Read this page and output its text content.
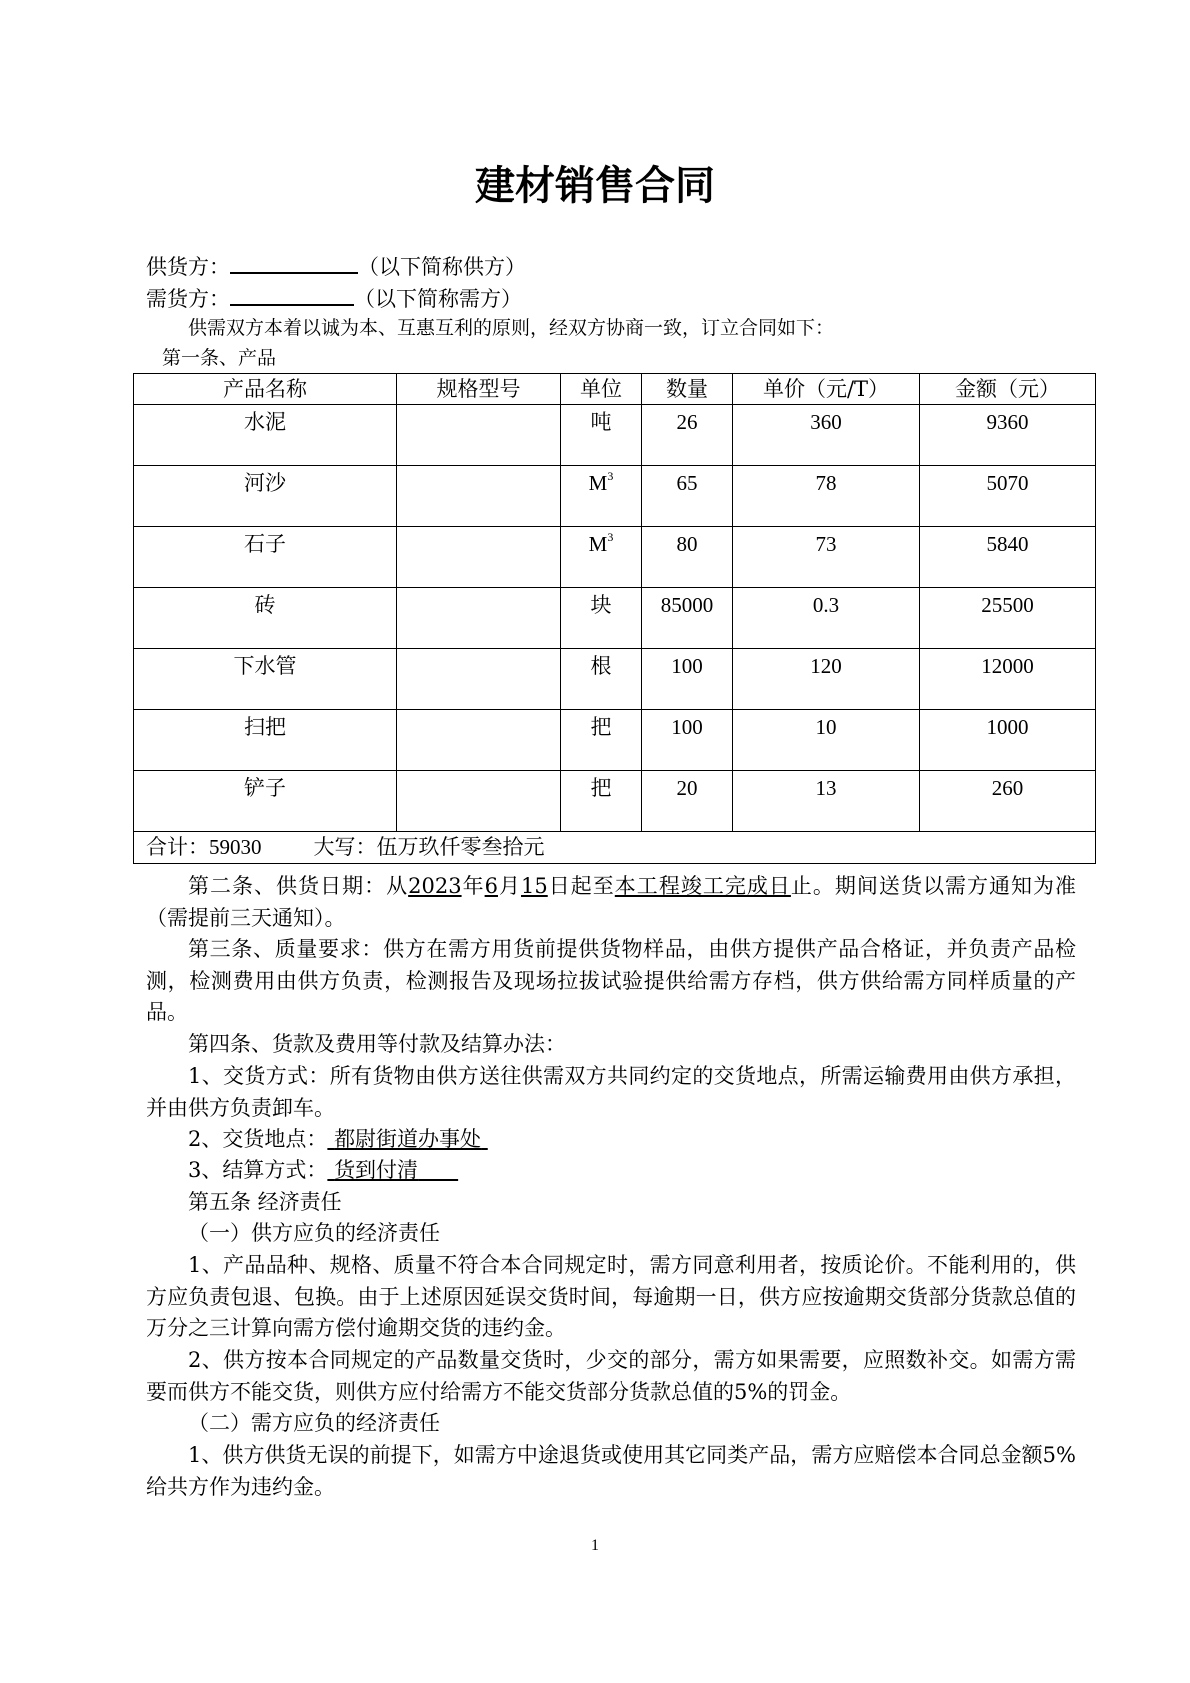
建材销售合同
供货方：	（以下简称供方）
需货方：	（以下简称需方）
供需双方本着以诚为本、互惠互利的原则，经双方协商一致，订立合同如下：
第一条、产品
产品名称	规格型号	单位	数量	单价（元/T）	金额（元）
水泥		吨	26	360	9360
河沙		$M^3$	65	78	5070
石子		$M^3$	80	73	5840
砖		块	85000	0.3	25500
下水管		根	100	120	12000
扫把		把	100	10	1000
铲子		把	20	13	260
合计：59030 大写：伍万玖仟零叁拾元					
第二条、供货日期：从2023年6月15日起至本工程竣工完成日止。期间送货以需方通知为准（需提前三天通知）。
第三条、质量要求：供方在需方用货前提供货物样品，由供方提供产品合格证，并负责产品检测，检测费用由供方负责，检测报告及现场拉拔试验提供给需方存档，供方供给需方同样质量的产品。
第四条、货款及费用等付款及结算办法：
1、交货方式：所有货物由供方送往供需双方共同约定的交货地点，所需运输费用由供方承担，并由供方负责卸车。
2、交货地点： 都尉街道办事处
3、结算方式： 货到付清
第五条 经济责任
（一）供方应负的经济责任
1、产品品种、规格、质量不符合本合同规定时，需方同意利用者，按质论价。不能利用的，供方应负责包退、包换。由于上述原因延误交货时间，每逾期一日，供方应按逾期交货部分货款总值的万分之三计算向需方偿付逾期交货的违约金。
2、供方按本合同规定的产品数量交货时，少交的部分，需方如果需要，应照数补交。如需方需要而供方不能交货，则供方应付给需方不能交货部分货款总值的5%的罚金。
（二）需方应负的经济责任
1、供方供货无误的前提下，如需方中途退货或使用其它同类产品，需方应赔偿本合同总金额5%给共方作为违约金。
1
